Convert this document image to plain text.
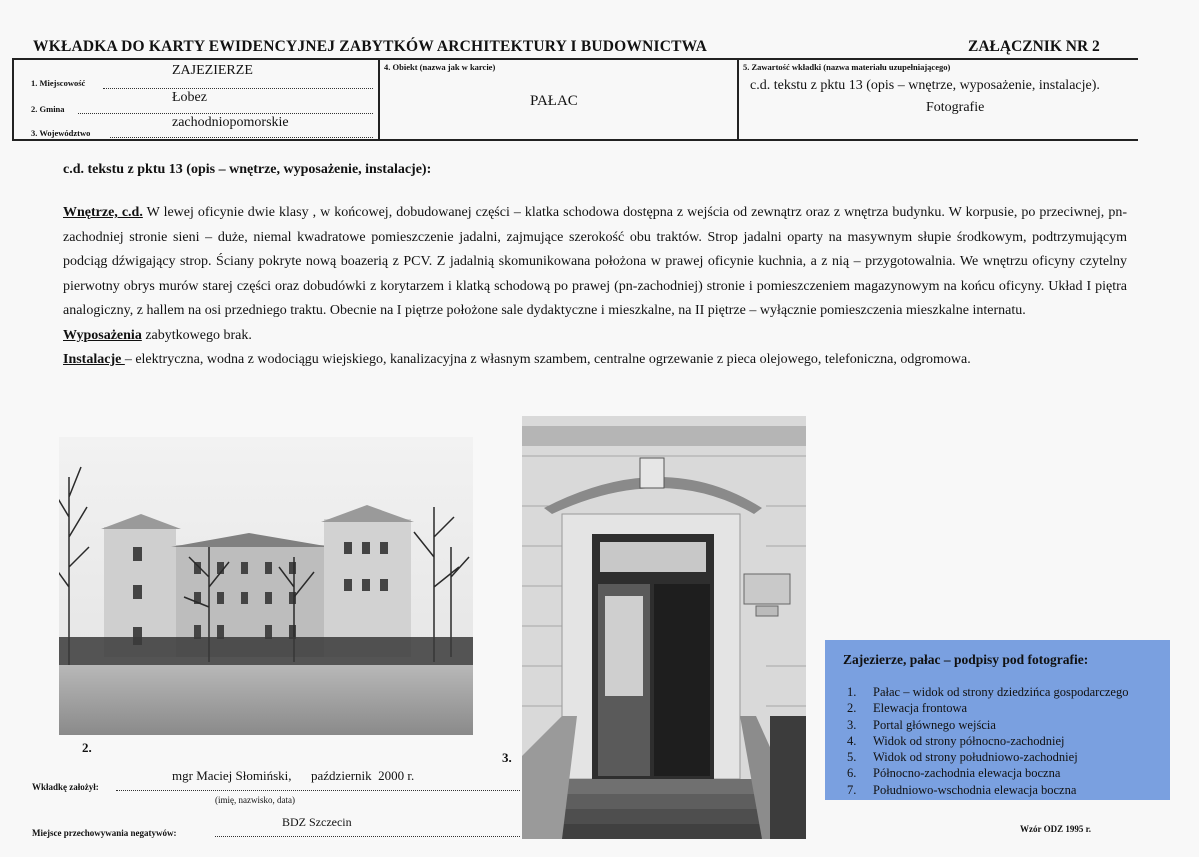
WKŁADKA DO KARTY EWIDENCYJNEJ ZABYTKÓW ARCHITEKTURY I BUDOWNICTWA	ZAŁĄCZNIK NR 2
1. Miejscowość
ZAJEZIERZE
2. Gmina
Łobez
3. Województwo
zachodniopomorskie
4. Obiekt (nazwa jak w karcie)
PAŁAC
5. Zawartość wkładki (nazwa materiału uzupełniającego)
c.d. tekstu z pktu 13 (opis – wnętrze, wyposażenie, instalacje).
Fotografie
c.d. tekstu z pktu 13 (opis – wnętrze, wyposażenie, instalacje):

Wnętrze, c.d. W lewej oficynie dwie klasy , w końcowej, dobudowanej części – klatka schodowa dostępna z wejścia od zewnątrz oraz z wnętrza budynku. W korpusie, po przeciwnej, pn-zachodniej stronie sieni – duże, niemal kwadratowe pomieszczenie jadalni, zajmujące szerokość obu traktów. Strop jadalni oparty na masywnym słupie środkowym, podtrzymującym podciąg dźwigający strop. Ściany pokryte nową boazerią z PCV. Z jadalnią skomunikowana położona w prawej oficynie kuchnia, a z nią – przygotowalnia. We wnętrzu oficyny czytelny pierwotny obrys murów starej części oraz dobudówki z korytarzem i klatką schodową po prawej (pn-zachodniej) stronie i pomieszczeniem magazynowym na końcu oficyny. Układ I piętra analogiczny, z hallem na osi przedniego traktu. Obecnie na I piętrze położone sale dydaktyczne i mieszkalne, na II piętrze – wyłącznie pomieszczenia mieszkalne internatu.

Wyposażenia zabytkowego brak.

Instalacje – elektryczna, wodna z wodociągu wiejskiego, kanalizacyjna z własnym szambem, centralne ogrzewanie z pieca olejowego, telefoniczna, odgromowa.

2.
3.
Zajezierze, pałac – podpisy pod fotografie:
1. Pałac – widok od strony dziedzińca gospodarczego
2. Elewacja frontowa
3. Portal głównego wejścia
4. Widok od strony północno-zachodniej
5. Widok od strony południowo-zachodniej
6. Północno-zachodnia elewacja boczna
7. Południowo-wschodnia elewacja boczna
Wkładkę założył:
mgr Maciej Słomiński,      październik  2000 r.
(imię, nazwisko, data)
Miejsce przechowywania negatywów:
BDZ Szczecin	Wzór ODZ 1995 r.
